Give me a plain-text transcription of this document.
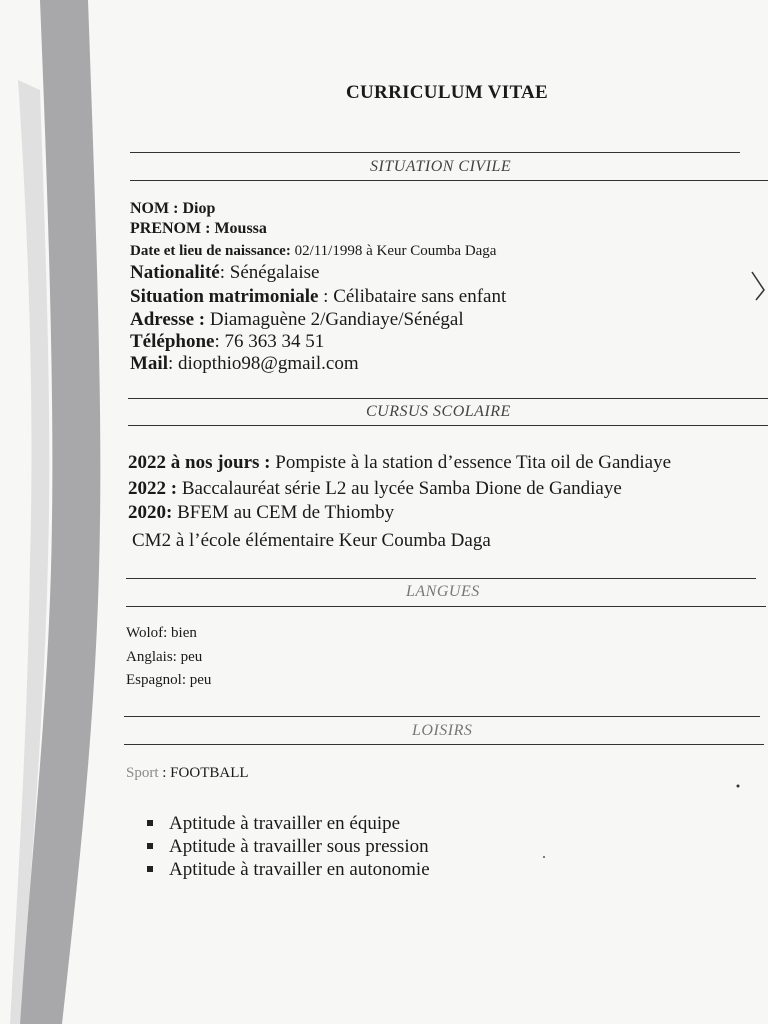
CURRICULUM VITAE
SITUATION CIVILE
NOM : Diop
PRENOM : Moussa
Date et lieu de naissance: 02/11/1998 à Keur Coumba Daga
Nationalité: Sénégalaise
Situation matrimoniale : Célibataire sans enfant
Adresse : Diamaguène 2/Gandiaye/Sénégal
Téléphone: 76 363 34 51
Mail: diopthio98@gmail.com
CURSUS SCOLAIRE
2022 à nos jours : Pompiste à la station d’essence Tita oil de Gandiaye
2022 : Baccalauréat série L2 au lycée Samba Dione de Gandiaye
2020: BFEM au CEM de Thiomby
CM2 à l’école élémentaire Keur Coumba Daga
LANGUES
Wolof: bien
Anglais: peu
Espagnol: peu
LOISIRS
Sport : FOOTBALL
Aptitude à travailler en équipe
Aptitude à travailler sous pression
Aptitude à travailler en autonomie
